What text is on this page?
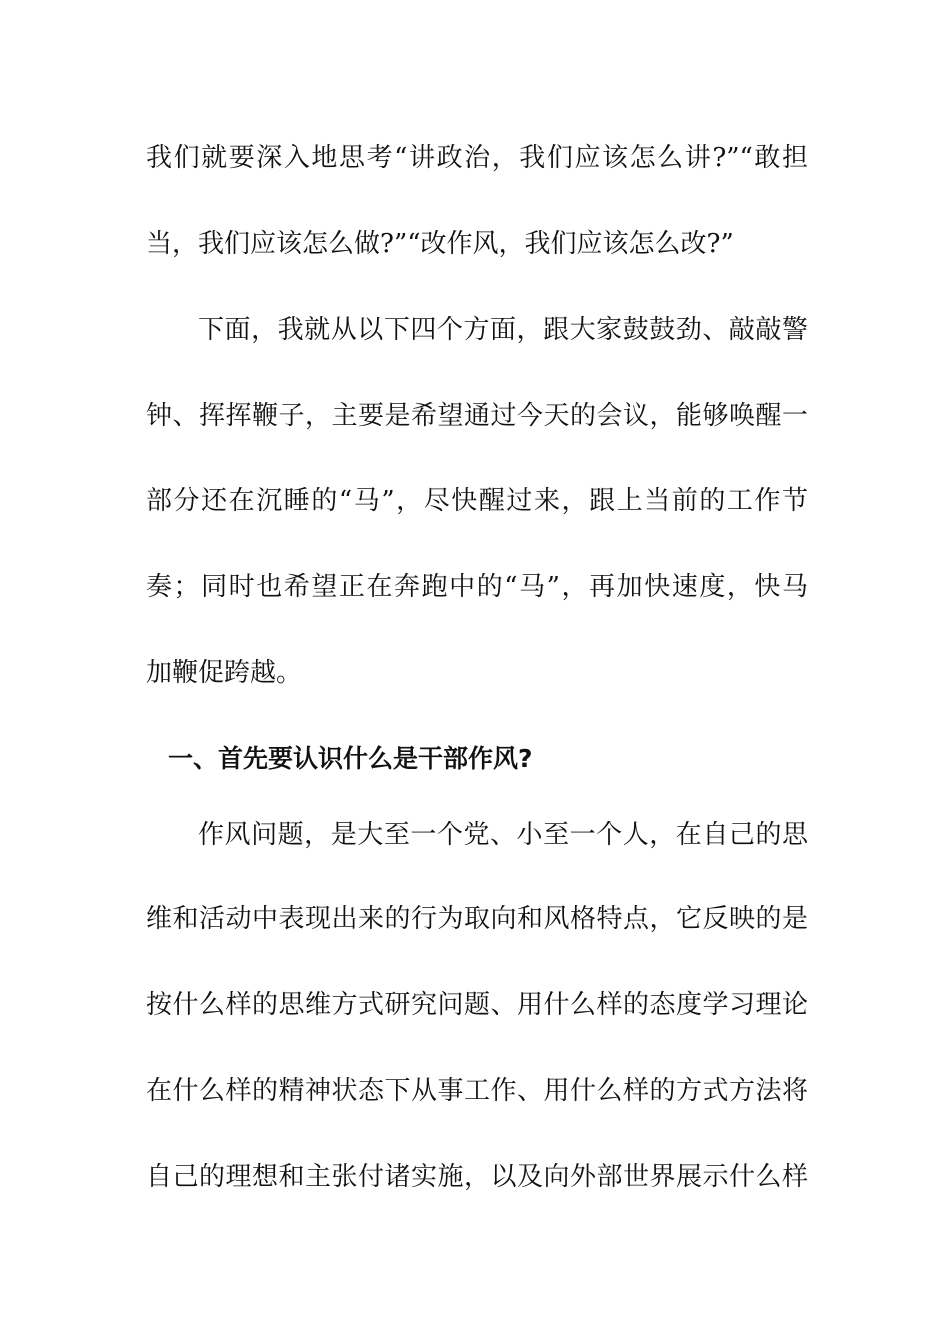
我们就要深入地思考“讲政治，我们应该怎么讲?”“敢担
当，我们应该怎么做?”“改作风，我们应该怎么改?”
下面，我就从以下四个方面，跟大家鼓鼓劲、敲敲警
钟、挥挥鞭子，主要是希望通过今天的会议，能够唤醒一
部分还在沉睡的“马”，尽快醒过来，跟上当前的工作节
奏；同时也希望正在奔跑中的“马”，再加快速度，快马
加鞭促跨越。
一、首先要认识什么是干部作风?
作风问题，是大至一个党、小至一个人，在自己的思
维和活动中表现出来的行为取向和风格特点，它反映的是
按什么样的思维方式研究问题、用什么样的态度学习理论
在什么样的精神状态下从事工作、用什么样的方式方法将
自己的理想和主张付诸实施，以及向外部世界展示什么样
